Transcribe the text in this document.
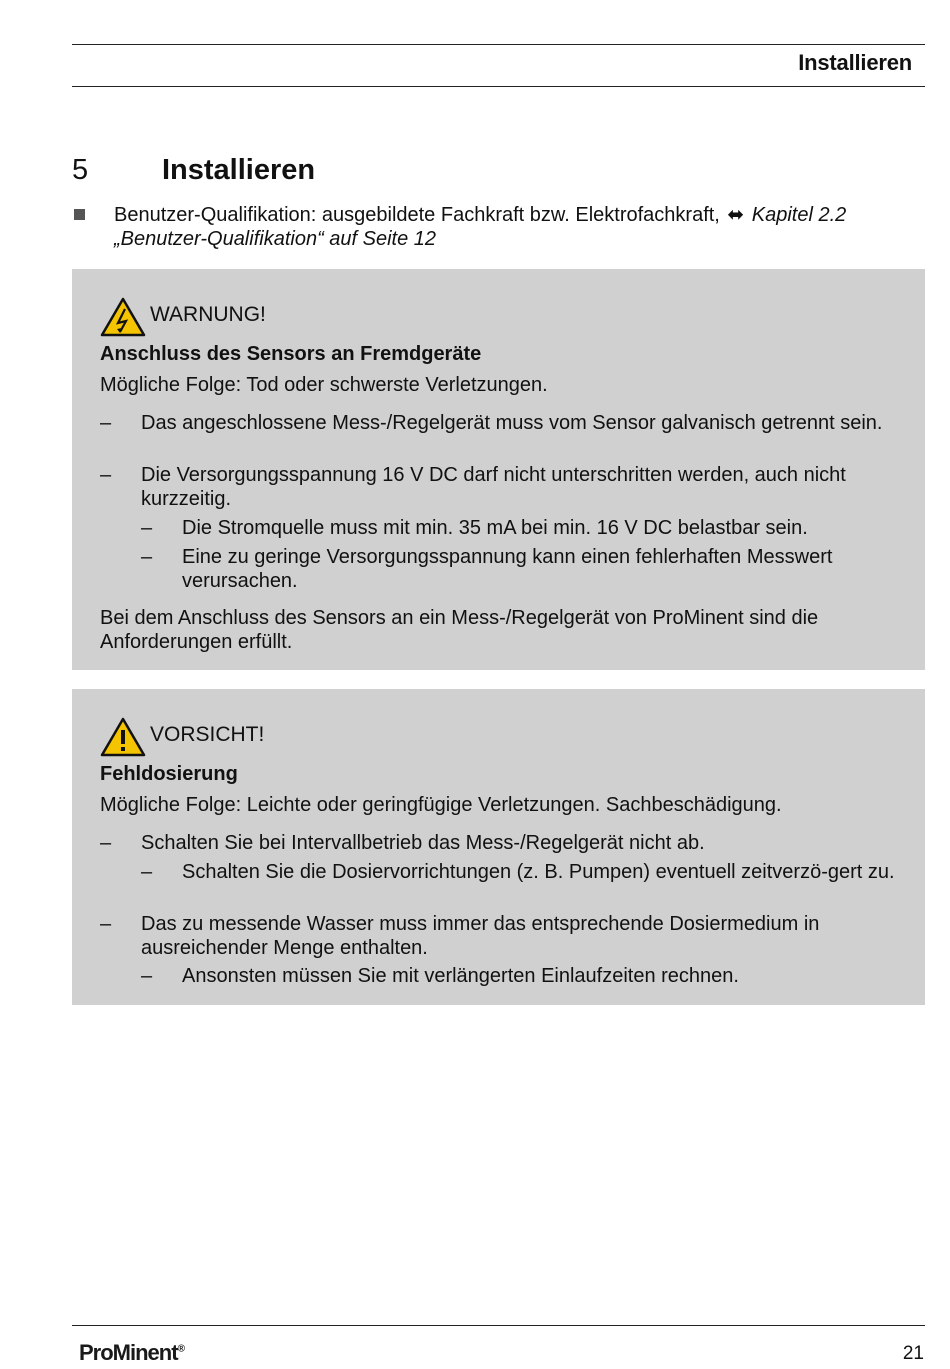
Installieren
5	Installieren
Benutzer-Qualifikation: ausgebildete Fachkraft bzw. Elektrofachkraft, ⬌ Kapitel 2.2 „Benutzer-Qualifikation“ auf Seite 12
WARNUNG!
Anschluss des Sensors an Fremdgeräte
Mögliche Folge: Tod oder schwerste Verletzungen.
– Das angeschlossene Mess-/Regelgerät muss vom Sensor galvanisch getrennt sein.
– Die Versorgungsspannung 16 V DC darf nicht unterschritten werden, auch nicht kurzzeitig.
– Die Stromquelle muss mit min. 35 mA bei min. 16 V DC belastbar sein.
– Eine zu geringe Versorgungsspannung kann einen fehlerhaften Messwert verursachen.
Bei dem Anschluss des Sensors an ein Mess-/Regelgerät von ProMinent sind die Anforderungen erfüllt.
VORSICHT!
Fehldosierung
Mögliche Folge: Leichte oder geringfügige Verletzungen. Sachbeschädigung.
– Schalten Sie bei Intervallbetrieb das Mess-/Regelgerät nicht ab.
– Schalten Sie die Dosiervorrichtungen (z. B. Pumpen) eventuell zeitverzö-gert zu.
– Das zu messende Wasser muss immer das entsprechende Dosiermedium in ausreichender Menge enthalten.
– Ansonsten müssen Sie mit verlängerten Einlaufzeiten rechnen.
ProMinent®	21
